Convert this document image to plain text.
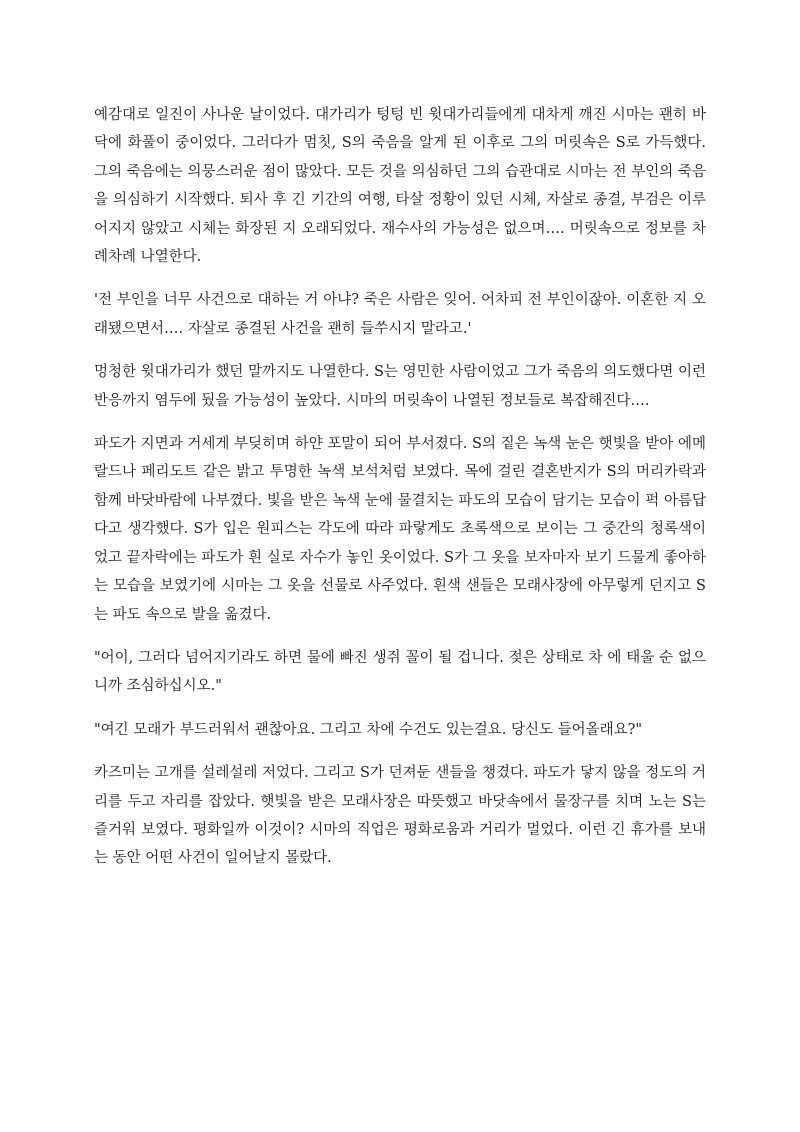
예감대로 일진이 사나운 날이었다. 대가리가 텅텅 빈 윗대가리들에게 대차게 깨진 시마는 괜히 바닥에 화풀이 중이었다. 그러다가 멈칫, S의 죽음을 알게 된 이후로 그의 머릿속은 S로 가득했다. 그의 죽음에는 의뭉스러운 점이 많았다. 모든 것을 의심하던 그의 습관대로 시마는 전 부인의 죽음을 의심하기 시작했다. 퇴사 후 긴 기간의 여행, 타살 정황이 있던 시체, 자살로 종결, 부검은 이루어지지 않았고 시체는 화장된 지 오래되었다. 재수사의 가능성은 없으며…. 머릿속으로 정보를 차례차례 나열한다.

'전 부인을 너무 사건으로 대하는 거 아냐? 죽은 사람은 잊어. 어차피 전 부인이잖아. 이혼한 지 오래됐으면서…. 자살로 종결된 사건을 괜히 들쑤시지 말라고.'

멍청한 윗대가리가 했던 말까지도 나열한다. S는 영민한 사람이었고 그가 죽음의 의도했다면 이런 반응까지 염두에 뒀을 가능성이 높았다. 시마의 머릿속이 나열된 정보들로 복잡해진다….

파도가 지면과 거세게 부딪히며 하얀 포말이 되어 부서졌다. S의 짙은 녹색 눈은 햇빛을 받아 에메랄드나 페리도트 같은 밝고 투명한 녹색 보석처럼 보였다. 목에 걸린 결혼반지가 S의 머리카락과 함께 바닷바람에 나부꼈다. 빛을 받은 녹색 눈에 물결치는 파도의 모습이 담기는 모습이 퍽 아름답다고 생각했다. S가 입은 원피스는 각도에 따라 파랗게도 초록색으로 보이는 그 중간의 청록색이었고 끝자락에는 파도가 흰 실로 자수가 놓인 옷이었다. S가 그 옷을 보자마자 보기 드물게 좋아하는 모습을 보였기에 시마는 그 옷을 선물로 사주었다. 흰색 샌들은 모래사장에 아무렇게 던지고 S는 파도 속으로 발을 옮겼다.

"어이, 그러다 넘어지기라도 하면 물에 빠진 생쥐 꼴이 될 겁니다. 젖은 상태로 차 에 태울 순 없으니까 조심하십시오."

"여긴 모래가 부드러워서 괜찮아요. 그리고 차에 수건도 있는걸요. 당신도 들어올래요?"

카즈미는 고개를 설레설레 저었다. 그리고 S가 던져둔 샌들을 챙겼다. 파도가 닿지 않을 정도의 거리를 두고 자리를 잡았다. 햇빛을 받은 모래사장은 따뜻했고 바닷속에서 물장구를 치며 노는 S는 즐거워 보였다. 평화일까 이것이? 시마의 직업은 평화로움과 거리가 멀었다. 이런 긴 휴가를 보내는 동안 어떤 사건이 일어날지 몰랐다.
